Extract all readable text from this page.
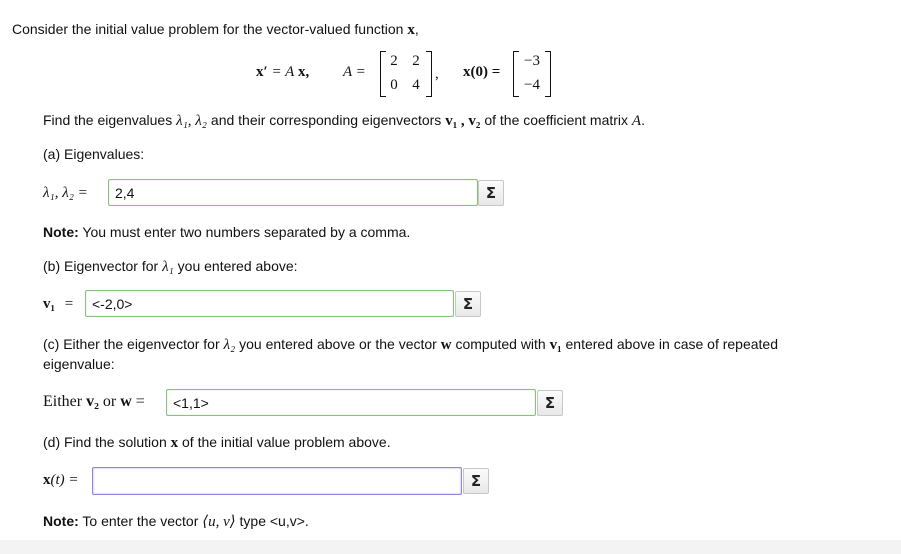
Consider the initial value problem for the vector-valued function x,
x′ = A x, A =
2 2
0 4
, x(0) =
−3
−4
Find the eigenvalues λ₁, λ₂ and their corresponding eigenvectors v₁ , v₂ of the coefficient matrix A.
(a) Eigenvalues:
λ₁, λ₂ =
2,4	Σ
Note: You must enter two numbers separated by a comma.
(b) Eigenvector for λ₁ you entered above:
v₁ =
<-2,0>	Σ
(c) Either the eigenvector for λ₂ you entered above or the vector w computed with v₁ entered above in case of repeated
eigenvalue:
Either v₂ or w =
<1,1>	Σ
(d) Find the solution x of the initial value problem above.
x(t) =	Σ
Note: To enter the vector ⟨u, v⟩ type <u,v>.
